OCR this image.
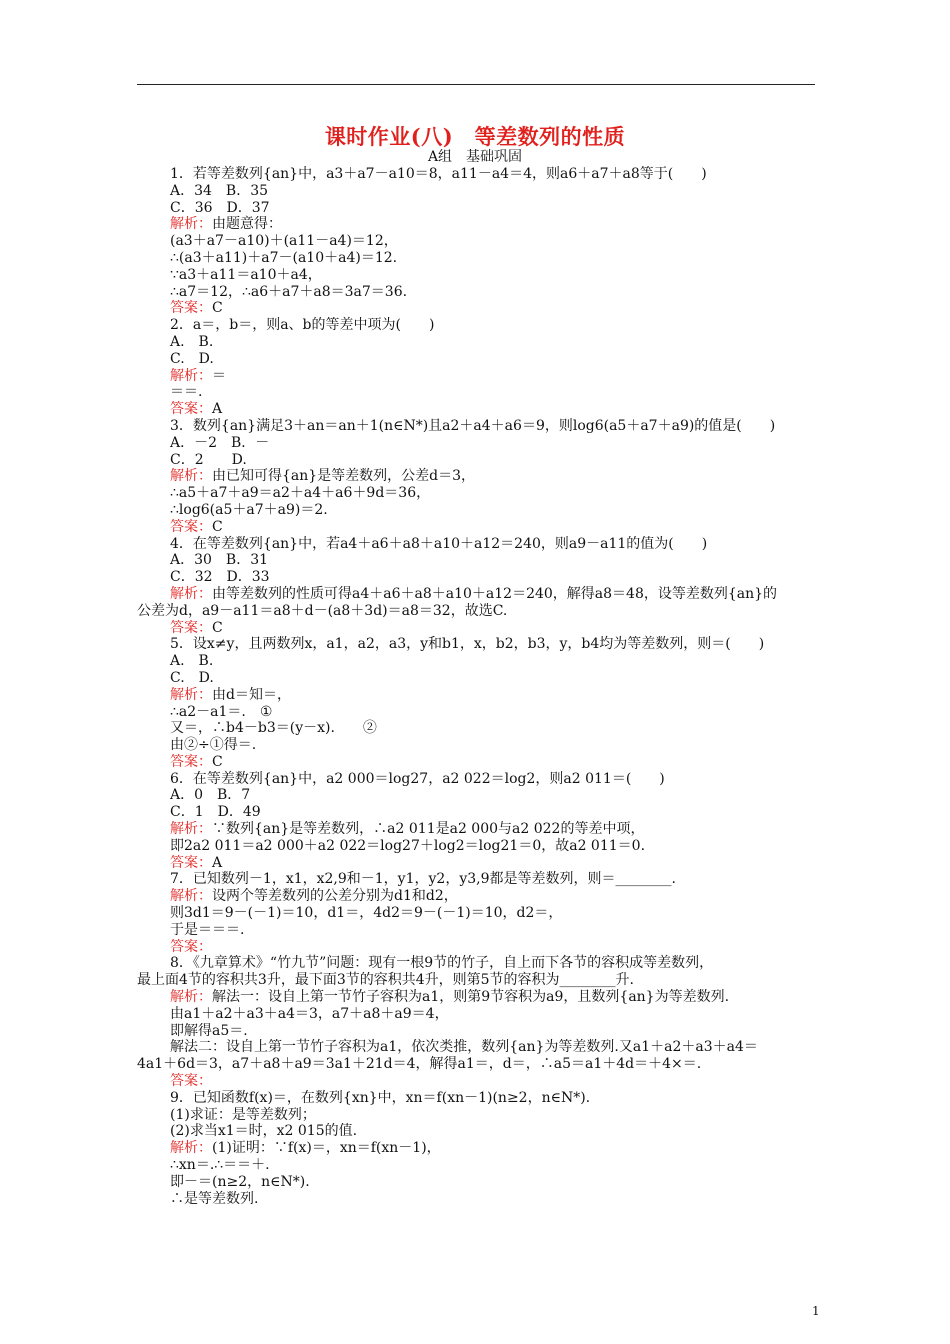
课时作业(八)　等差数列的性质
A组　基础巩固
1．若等差数列{an}中，a3＋a7－a10＝8，a11－a4＝4，则a6＋a7＋a8等于(　　)
A．34　B．35
C．36　D．37
解析：由题意得：
(a3＋a7－a10)＋(a11－a4)＝12，
∴(a3＋a11)＋a7－(a10＋a4)＝12.
∵a3＋a11＝a10＋a4，
∴a7＝12，∴a6＋a7＋a8＝3a7＝36.
答案：C
2．a＝，b＝，则a、b的等差中项为(　　)
A.　B.
C.　D.
解析：＝
＝＝.
答案：A
3．数列{an}满足3＋an＝an＋1(n∈N*)且a2＋a4＋a6＝9，则log6(a5＋a7＋a9)的值是(　　)
A．－2　B．－
C．2　　D.
解析：由已知可得{an}是等差数列，公差d＝3，
∴a5＋a7＋a9＝a2＋a4＋a6＋9d＝36，
∴log6(a5＋a7＋a9)＝2.
答案：C
4．在等差数列{an}中，若a4＋a6＋a8＋a10＋a12＝240，则a9－a11的值为(　　)
A．30　B．31
C．32　D．33
解析：由等差数列的性质可得a4＋a6＋a8＋a10＋a12＝240，解得a8＝48，设等差数列{an}的
公差为d，a9－a11＝a8＋d－(a8＋3d)＝a8＝32，故选C.
答案：C
5．设x≠y，且两数列x，a1，a2，a3，y和b1，x，b2，b3，y，b4均为等差数列，则＝(　　)
A.　B.
C.　D.
解析：由d＝知＝，
∴a2－a1＝.　①
又＝，∴b4－b3＝(y－x).　　②
由②÷①得＝.
答案：C
6．在等差数列{an}中，a2 000＝log27，a2 022＝log2，则a2 011＝(　　)
A．0　B．7
C．1　D．49
解析：∵数列{an}是等差数列，∴a2 011是a2 000与a2 022的等差中项，
即2a2 011＝a2 000＋a2 022＝log27＋log2＝log21＝0，故a2 011＝0.
答案：A
7．已知数列－1，x1，x2,9和－1，y1，y2，y3,9都是等差数列，则＝________.
解析：设两个等差数列的公差分别为d1和d2，
则3d1＝9－(－1)＝10，d1＝，4d2＝9－(－1)＝10，d2＝，
于是＝＝＝.
答案：
8．《九章算术》“竹九节”问题：现有一根9节的竹子，自上而下各节的容积成等差数列，
最上面4节的容积共3升，最下面3节的容积共4升，则第5节的容积为________升.
解析：解法一：设自上第一节竹子容积为a1，则第9节容积为a9，且数列{an}为等差数列.
由a1＋a2＋a3＋a4＝3，a7＋a8＋a9＝4，
即解得a5＝.
解法二：设自上第一节竹子容积为a1，依次类推，数列{an}为等差数列.又a1＋a2＋a3＋a4＝
4a1＋6d＝3，a7＋a8＋a9＝3a1＋21d＝4，解得a1＝，d＝，∴a5＝a1＋4d＝＋4×＝.
答案：
9．已知函数f(x)＝，在数列{xn}中，xn＝f(xn－1)(n≥2，n∈N*).
(1)求证：是等差数列；
(2)求当x1＝时，x2 015的值.
解析：(1)证明：∵f(x)＝，xn＝f(xn－1)，
∴xn＝.∴＝＝＋.
即－＝(n≥2，n∈N*).
∴是等差数列.
1
